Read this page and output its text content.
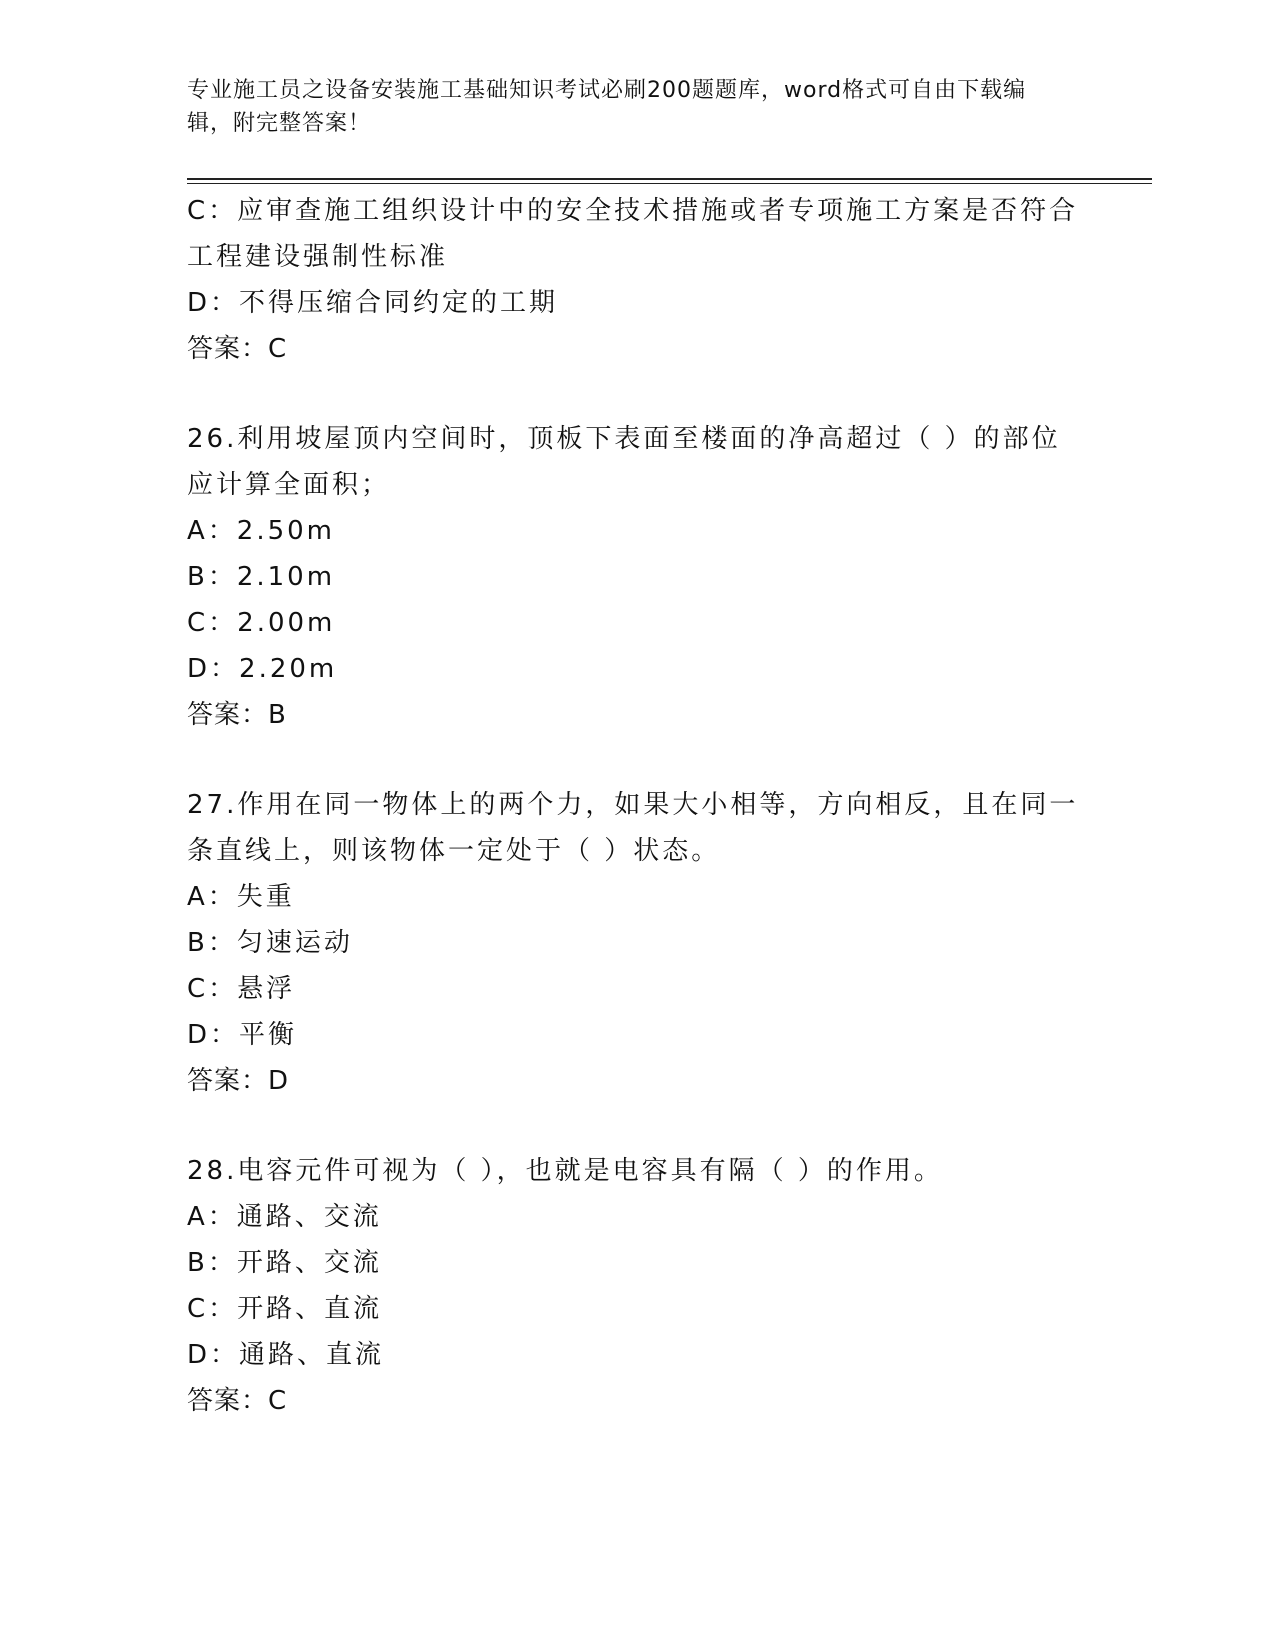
专业施工员之设备安装施工基础知识考试必刷200题题库，word格式可自由下载编辑，附完整答案！
C：应审查施工组织设计中的安全技术措施或者专项施工方案是否符合工程建设强制性标准
D：不得压缩合同约定的工期
答案：C
26.利用坡屋顶内空间时，顶板下表面至楼面的净高超过（ ）的部位应计算全面积；
A：2.50m
B：2.10m
C：2.00m
D：2.20m
答案：B
27.作用在同一物体上的两个力，如果大小相等，方向相反，且在同一条直线上，则该物体一定处于（ ）状态。
A：失重
B：匀速运动
C：悬浮
D：平衡
答案：D
28.电容元件可视为（ ），也就是电容具有隔（ ）的作用。
A：通路、交流
B：开路、交流
C：开路、直流
D：通路、直流
答案：C
